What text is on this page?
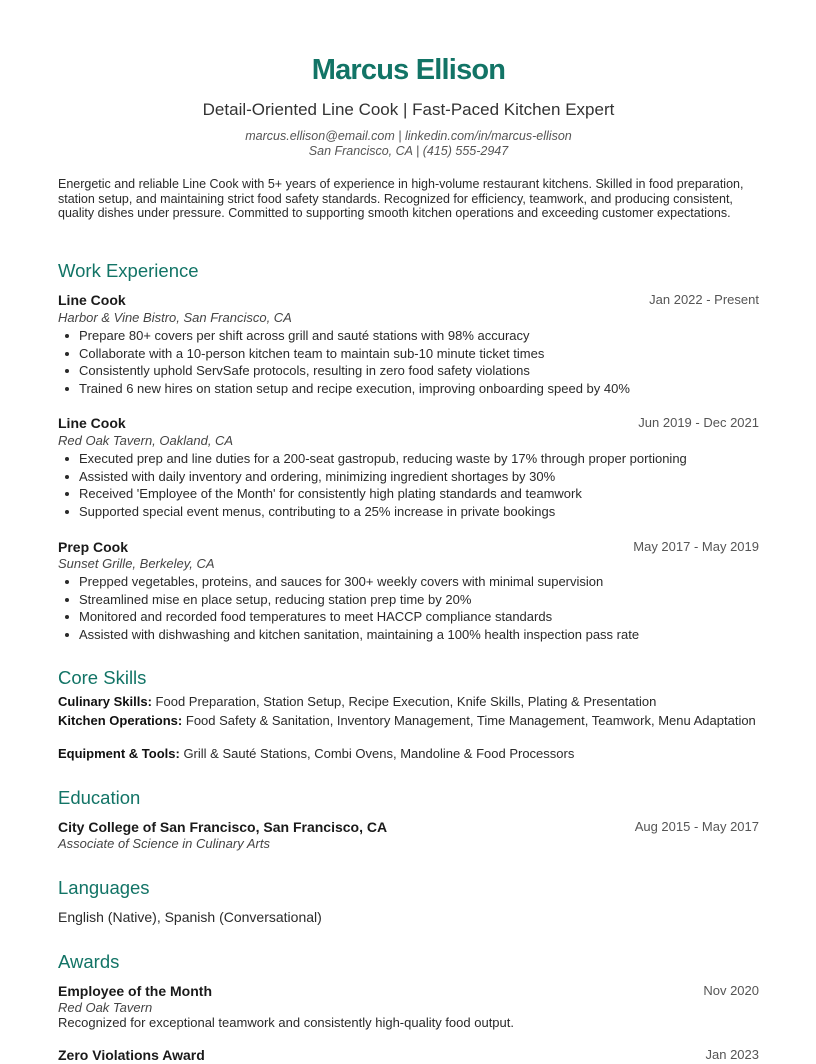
Marcus Ellison
Detail-Oriented Line Cook | Fast-Paced Kitchen Expert
marcus.ellison@email.com | linkedin.com/in/marcus-ellison
San Francisco, CA | (415) 555-2947
Energetic and reliable Line Cook with 5+ years of experience in high-volume restaurant kitchens. Skilled in food preparation, station setup, and maintaining strict food safety standards. Recognized for efficiency, teamwork, and producing consistent, quality dishes under pressure. Committed to supporting smooth kitchen operations and exceeding customer expectations.
Work Experience
Line Cook	Jan 2022 - Present
Harbor & Vine Bistro, San Francisco, CA
Prepare 80+ covers per shift across grill and sauté stations with 98% accuracy
Collaborate with a 10-person kitchen team to maintain sub-10 minute ticket times
Consistently uphold ServSafe protocols, resulting in zero food safety violations
Trained 6 new hires on station setup and recipe execution, improving onboarding speed by 40%
Line Cook	Jun 2019 - Dec 2021
Red Oak Tavern, Oakland, CA
Executed prep and line duties for a 200-seat gastropub, reducing waste by 17% through proper portioning
Assisted with daily inventory and ordering, minimizing ingredient shortages by 30%
Received 'Employee of the Month' for consistently high plating standards and teamwork
Supported special event menus, contributing to a 25% increase in private bookings
Prep Cook	May 2017 - May 2019
Sunset Grille, Berkeley, CA
Prepped vegetables, proteins, and sauces for 300+ weekly covers with minimal supervision
Streamlined mise en place setup, reducing station prep time by 20%
Monitored and recorded food temperatures to meet HACCP compliance standards
Assisted with dishwashing and kitchen sanitation, maintaining a 100% health inspection pass rate
Core Skills
Culinary Skills: Food Preparation, Station Setup, Recipe Execution, Knife Skills, Plating & Presentation
Kitchen Operations: Food Safety & Sanitation, Inventory Management, Time Management, Teamwork, Menu Adaptation
Equipment & Tools: Grill & Sauté Stations, Combi Ovens, Mandoline & Food Processors
Education
City College of San Francisco, San Francisco, CA	Aug 2015 - May 2017
Associate of Science in Culinary Arts
Languages
English (Native), Spanish (Conversational)
Awards
Employee of the Month	Nov 2020
Red Oak Tavern
Recognized for exceptional teamwork and consistently high-quality food output.
Zero Violations Award	Jan 2023
